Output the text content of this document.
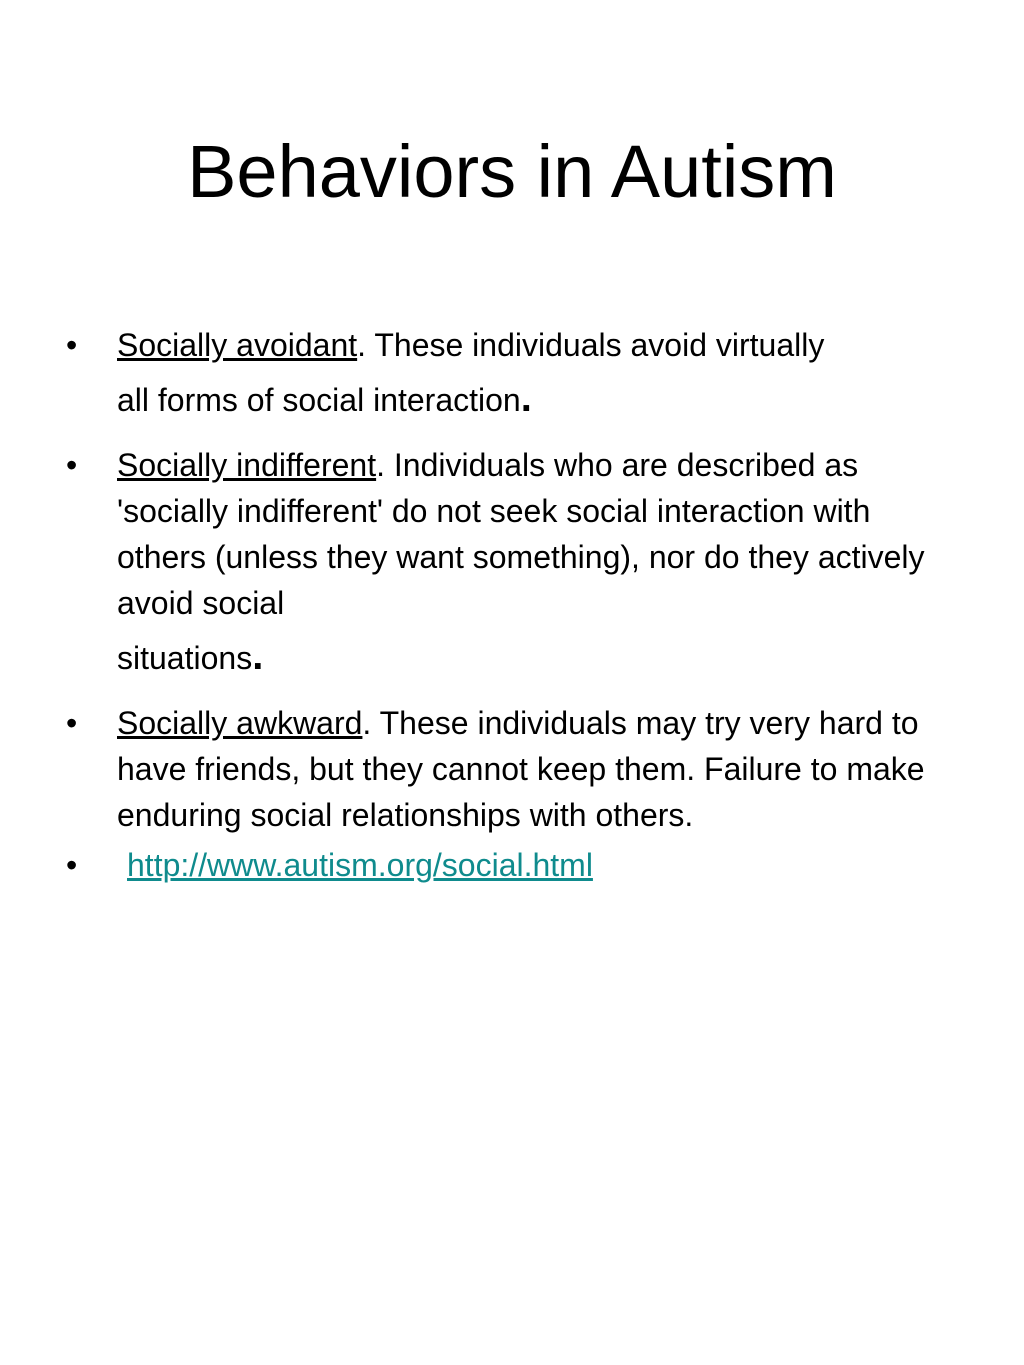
Behaviors in Autism
• Socially avoidant. These individuals avoid virtually
all forms of social interaction.
• Socially indifferent. Individuals who are described as 'socially indifferent' do not seek social interaction with others (unless they want something), nor do they actively avoid social
situations.
• Socially awkward. These individuals may try very hard to have friends, but they cannot keep them. Failure to make enduring social relationships with others.
• http://www.autism.org/social.html
